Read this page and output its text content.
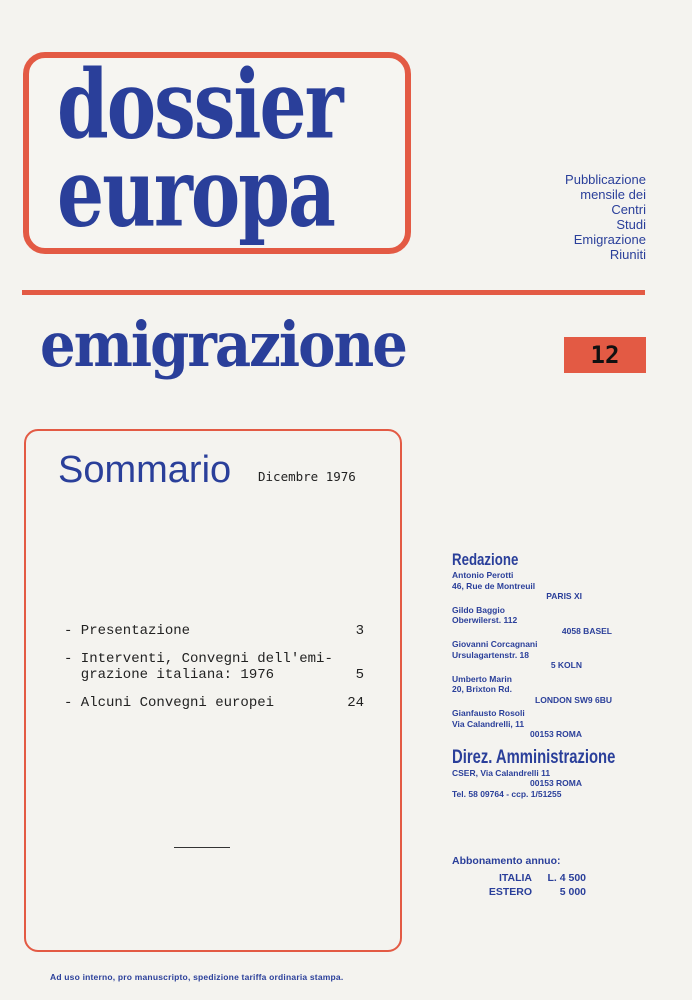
dossier
europa	Pubblicazione
mensile dei
Centri
Studi
Emigrazione
Riuniti
emigrazione	12
Sommario Dicembre 1976
- Presentazione	3
- Interventi, Convegni dell'emi-
grazione italiana: 1976	5
- Alcuni Convegni europei	24
Redazione
Antonio Perotti
46, Rue de Montreuil
PARIS XI
Gildo Baggio
Oberwilerst. 112
4058 BASEL
Giovanni Corcagnani
Ursulagartenstr. 18
5 KOLN
Umberto Marin
20, Brixton Rd.
LONDON SW9 6BU
Gianfausto Rosoli
Via Calandrelli, 11
00153 ROMA
Direz. Amministrazione
CSER, Via Calandrelli 11
00153 ROMA
Tel. 58 09764 - ccp. 1/51255
Abbonamento annuo:
ITALIA	L. 4 500
ESTERO	5 000
Ad uso interno, pro manuscripto, spedizione tariffa ordinaria stampa.
